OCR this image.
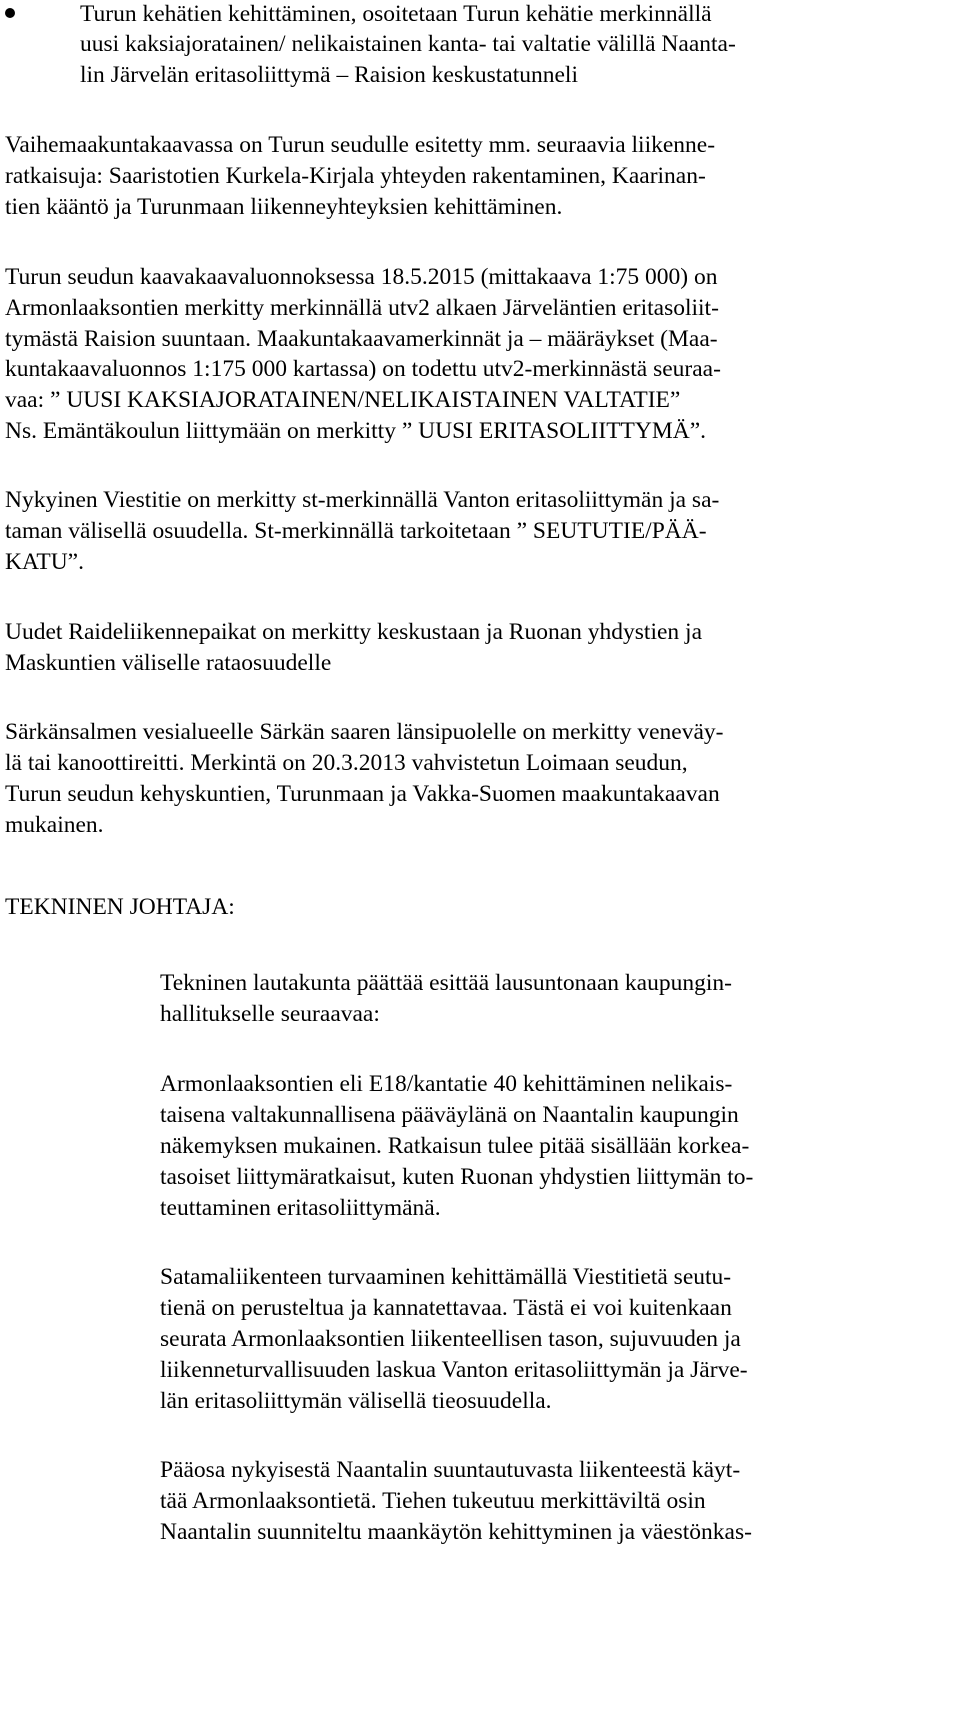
Turun kehätien kehittäminen, osoitetaan Turun kehätie merkinnällä
uusi kaksiajoratainen/ nelikaistainen kanta- tai valtatie välillä Naanta-
lin Järvelän eritasoliittymä – Raision keskustatunneli
Vaihemaakuntakaavassa on Turun seudulle esitetty mm. seuraavia liikenne-
ratkaisuja: Saaristotien Kurkela-Kirjala yhteyden rakentaminen, Kaarinan-
tien kääntö ja Turunmaan liikenneyhteyksien kehittäminen.
Turun seudun kaavakaavaluonnoksessa 18.5.2015 (mittakaava 1:75 000) on
Armonlaaksontien merkitty merkinnällä utv2 alkaen Järveläntien eritasoliit-
tymästä Raision suuntaan. Maakuntakaavamerkinnät ja – määräykset (Maa-
kuntakaavaluonnos 1:175 000 kartassa) on todettu utv2-merkinnästä seuraa-
vaa: ” UUSI KAKSIAJORATAINEN/NELIKAISTAINEN VALTATIE”
Ns. Emäntäkoulun liittymään on merkitty ” UUSI ERITASOLIITTYMÄ”.
Nykyinen Viestitie on merkitty st-merkinnällä Vanton eritasoliittymän ja sa-
taman välisellä osuudella. St-merkinnällä tarkoitetaan ” SEUTUTIE/PÄÄ-
KATU”.
Uudet Raideliikennepaikat on merkitty keskustaan ja Ruonan yhdystien ja
Maskuntien väliselle rataosuudelle
Särkänsalmen vesialueelle Särkän saaren länsipuolelle on merkitty veneväy-
lä tai kanoottireitti. Merkintä on 20.3.2013 vahvistetun Loimaan seudun,
Turun seudun kehyskuntien, Turunmaan ja Vakka-Suomen maakuntakaavan
mukainen.
TEKNINEN JOHTAJA:
Tekninen lautakunta päättää esittää lausuntonaan kaupungin-
hallitukselle seuraavaa:
Armonlaaksontien eli E18/kantatie 40 kehittäminen nelikais-
taisena valtakunnallisena pääväylänä on Naantalin kaupungin
näkemyksen mukainen. Ratkaisun tulee pitää sisällään korkea-
tasoiset liittymäratkaisut, kuten Ruonan yhdystien liittymän to-
teuttaminen eritasoliittymänä.
Satamaliikenteen turvaaminen kehittämällä Viestitietä seutu-
tienä on perusteltua ja kannatettavaa. Tästä ei voi kuitenkaan
seurata Armonlaaksontien liikenteellisen tason, sujuvuuden ja
liikenneturvallisuuden laskua Vanton eritasoliittymän ja Järve-
län eritasoliittymän välisellä tieosuudella.
Pääosa nykyisestä Naantalin suuntautuvasta liikenteestä käyt-
tää Armonlaaksontietä. Tiehen tukeutuu merkittäviltä osin
Naantalin suunniteltu maankäytön kehittyminen ja väestönkas-
